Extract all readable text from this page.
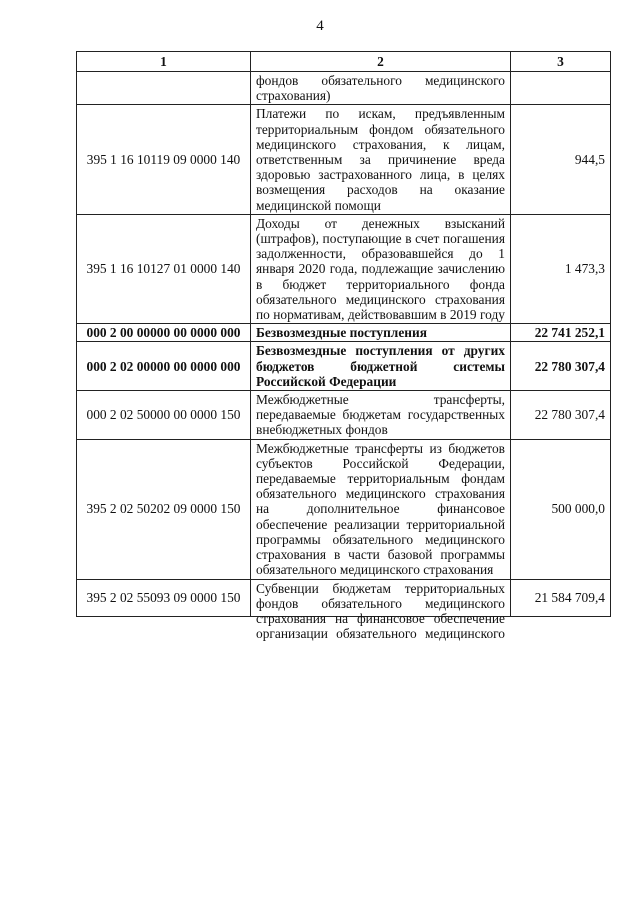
4
1	2	3
	фондов обязательного медицинского страхования)	
395 1 16 10119 09 0000 140	Платежи по искам, предъявленным территориальным фондом обязательного медицинского страхования, к лицам, ответственным за причинение вреда здоровью застрахованного лица, в целях возмещения расходов на оказание медицинской помощи	944,5
395 1 16 10127 01 0000 140	Доходы от денежных взысканий (штрафов), поступающие в счет погашения задолженности, образовавшейся до 1 января 2020 года, подлежащие зачислению в бюджет территориального фонда обязательного медицинского страхования по нормативам, действовавшим в 2019 году	1 473,3
000 2 00 00000 00 0000 000	Безвозмездные поступления	22 741 252,1
000 2 02 00000 00 0000 000	Безвозмездные поступления от других бюджетов бюджетной системы Российской Федерации	22 780 307,4
000 2 02 50000 00 0000 150	Межбюджетные трансферты, передаваемые бюджетам государственных внебюджетных фондов	22 780 307,4
395 2 02 50202 09 0000 150	Межбюджетные трансферты из бюджетов субъектов Российской Федерации, передаваемые территориальным фондам обязательного медицинского страхования на дополнительное финансовое обеспечение реализации территориальной программы обязательного медицинского страхования в части базовой программы обязательного медицинского страхования	500 000,0
395 2 02 55093 09 0000 150	Субвенции бюджетам территориальных фондов обязательного медицинского страхования на финансовое обеспечение организации обязательного медицинского	21 584 709,4
